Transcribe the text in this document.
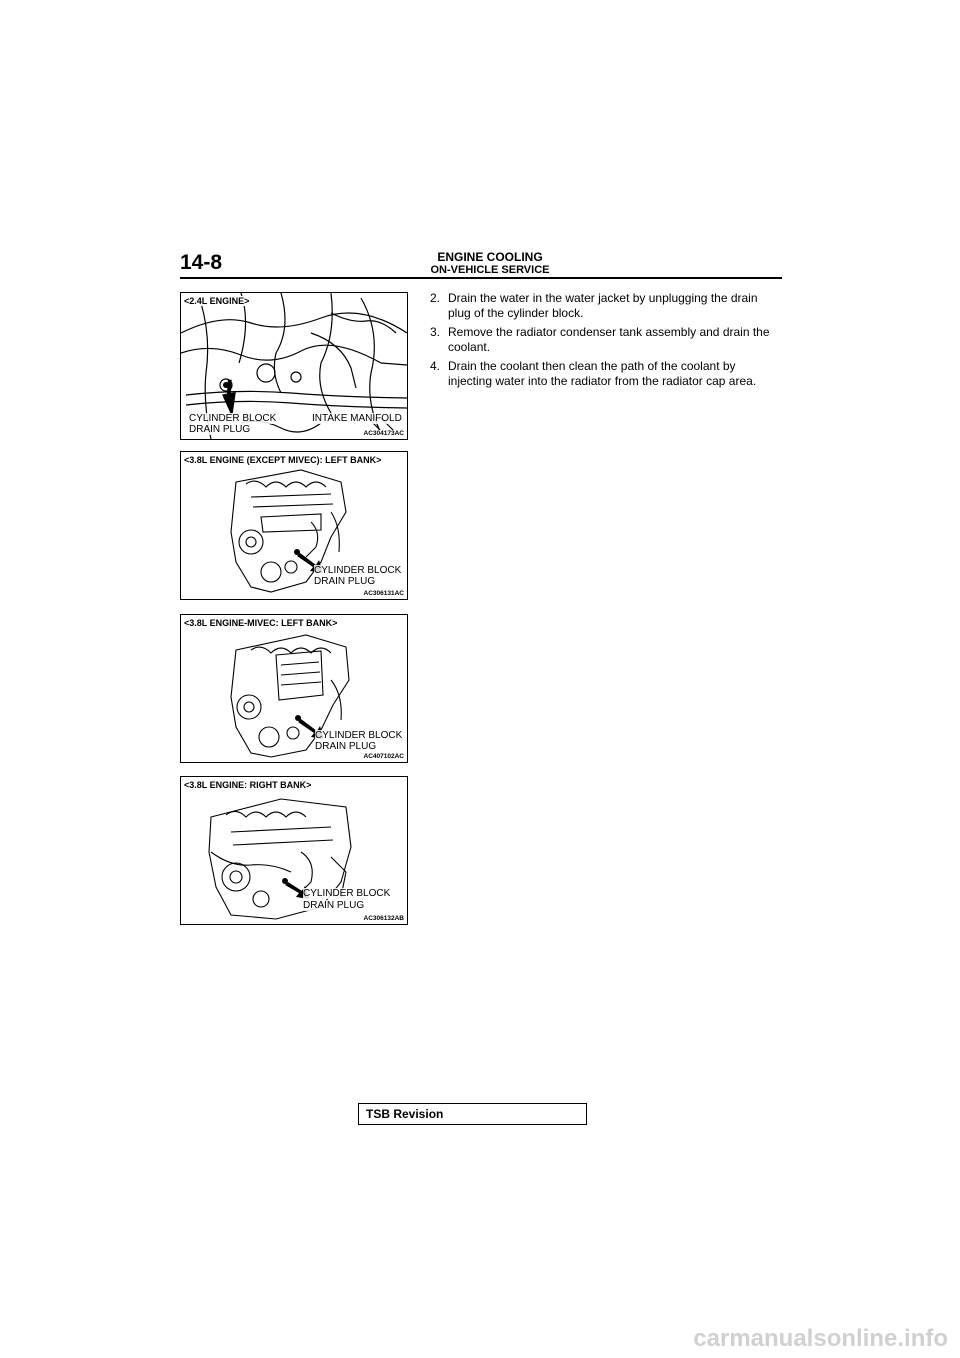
14-8	ENGINE COOLING
ON-VEHICLE SERVICE
<2.4L ENGINE>
CYLINDER BLOCK
DRAIN PLUG
INTAKE MANIFOLD
AC304173AC
<3.8L ENGINE (EXCEPT MIVEC): LEFT BANK>
CYLINDER BLOCK
DRAIN PLUG
AC306131AC
<3.8L ENGINE-MIVEC: LEFT BANK>
CYLINDER BLOCK
DRAIN PLUG
AC407102AC
<3.8L ENGINE: RIGHT BANK>
CYLINDER BLOCK
DRAIN PLUG
AC306132AB
2. Drain the water in the water jacket by unplugging the drain plug of the cylinder block.
3. Remove the radiator condenser tank assembly and drain the coolant.
4. Drain the coolant then clean the path of the coolant by injecting water into the radiator from the radiator cap area.
TSB Revision
carmanualsonline.info
